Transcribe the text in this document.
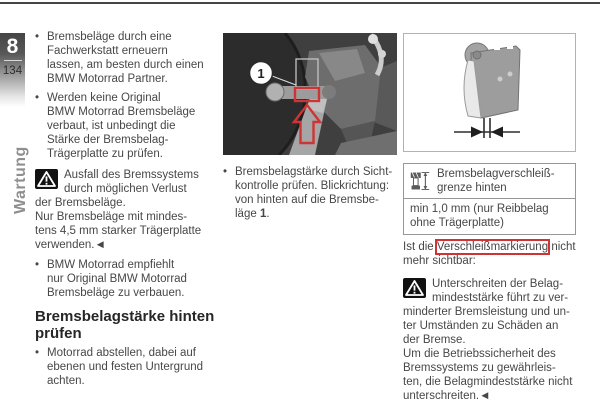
8
134
Wartung
• Bremsbeläge durch eine
Fachwerkstatt erneuern
lassen, am besten durch einen
BMW Motorrad Partner.
• Werden keine Original
BMW Motorrad Bremsbeläge
verbaut, ist unbedingt die
Stärke der Bremsbelag-
Trägerplatte zu prüfen.
Ausfall des Bremssystems
durch möglichen Verlust
der Bremsbeläge.
Nur Bremsbeläge mit mindes-
tens 4,5 mm starker Trägerplatte
verwenden.◄
• BMW Motorrad empfiehlt
nur Original BMW Motorrad
Bremsbeläge zu verbauen.
Bremsbelagstärke hinten
prüfen
• Motorrad abstellen, dabei auf
ebenen und festen Untergrund
achten.
1
• Bremsbelagstärke durch Sicht-
kontrolle prüfen. Blickrichtung:
von hinten auf die Bremsbe-
läge 1.
Bremsbelagverschleiß-
grenze hinten
min 1,0 mm (nur Reibbelag
ohne Trägerplatte)
Ist die Verschleißmarkierung nicht
mehr sichtbar:
Unterschreiten der Belag-
mindeststärke führt zu ver-
minderter Bremsleistung und un-
ter Umständen zu Schäden an
der Bremse.
Um die Betriebssicherheit des
Bremssystems zu gewährleis-
ten, die Belagmindeststärke nicht
unterschreiten.◄
